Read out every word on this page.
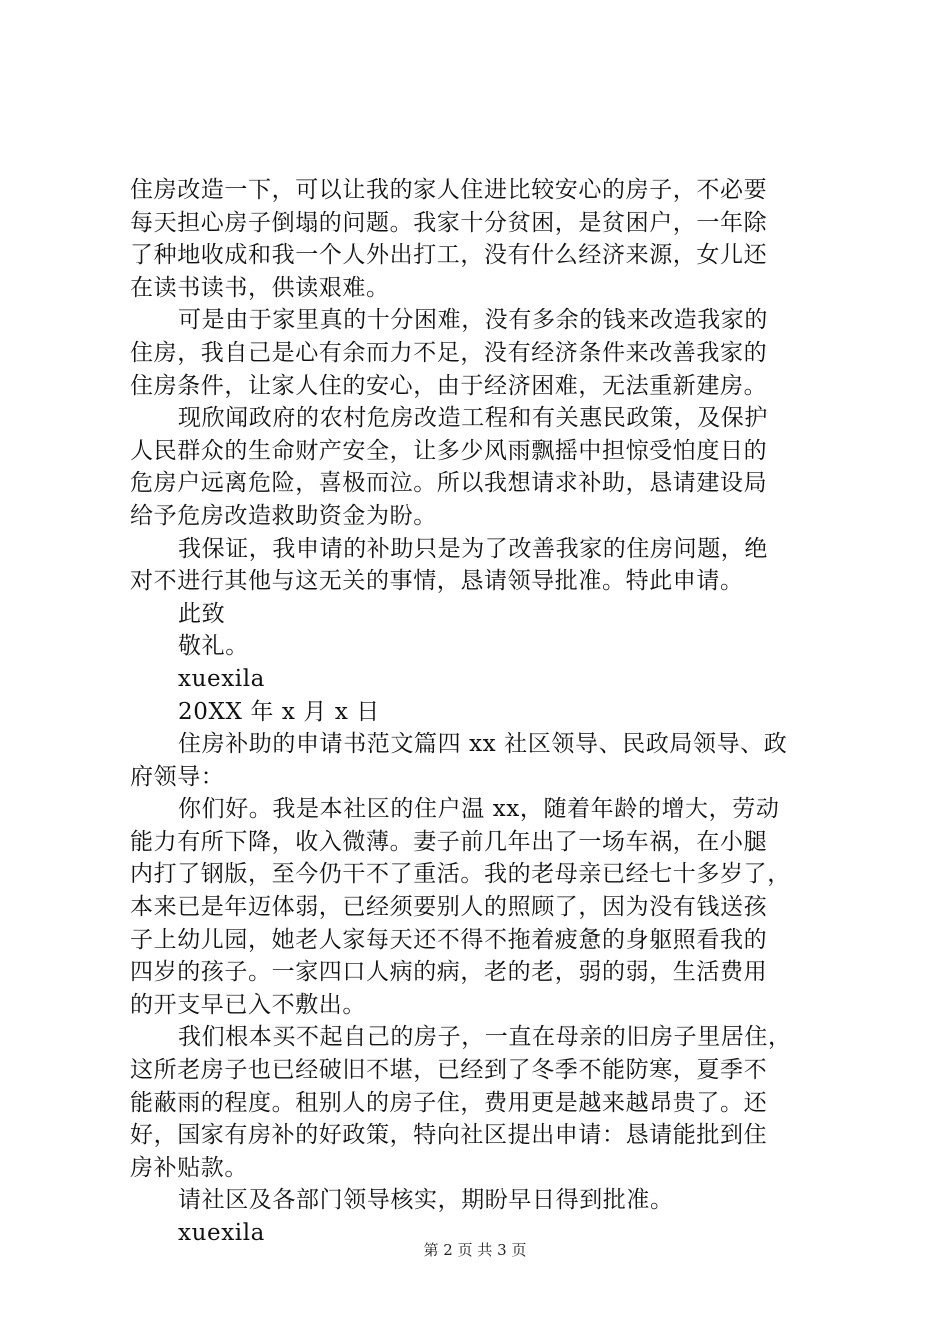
住房改造一下，可以让我的家人住进比较安心的房子，不必要
每天担心房子倒塌的问题。我家十分贫困，是贫困户，一年除
了种地收成和我一个人外出打工，没有什么经济来源，女儿还
在读书读书，供读艰难。
可是由于家里真的十分困难，没有多余的钱来改造我家的
住房，我自己是心有余而力不足，没有经济条件来改善我家的
住房条件，让家人住的安心，由于经济困难，无法重新建房。
现欣闻政府的农村危房改造工程和有关惠民政策，及保护
人民群众的生命财产安全，让多少风雨飘摇中担惊受怕度日的
危房户远离危险，喜极而泣。所以我想请求补助，恳请建设局
给予危房改造救助资金为盼。
我保证，我申请的补助只是为了改善我家的住房问题，绝
对不进行其他与这无关的事情，恳请领导批准。特此申请。
此致
敬礼。
xuexila
20XX 年 x 月 x 日
住房补助的申请书范文篇四 xx 社区领导、民政局领导、政
府领导：
你们好。我是本社区的住户温 xx，随着年龄的增大，劳动
能力有所下降，收入微薄。妻子前几年出了一场车祸，在小腿
内打了钢版，至今仍干不了重活。我的老母亲已经七十多岁了，
本来已是年迈体弱，已经须要别人的照顾了，因为没有钱送孩
子上幼儿园，她老人家每天还不得不拖着疲惫的身躯照看我的
四岁的孩子。一家四口人病的病，老的老，弱的弱，生活费用
的开支早已入不敷出。
我们根本买不起自己的房子，一直在母亲的旧房子里居住，
这所老房子也已经破旧不堪，已经到了冬季不能防寒，夏季不
能蔽雨的程度。租别人的房子住，费用更是越来越昂贵了。还
好，国家有房补的好政策，特向社区提出申请：恳请能批到住
房补贴款。
请社区及各部门领导核实，期盼早日得到批准。
xuexila
第 2 页 共 3 页
